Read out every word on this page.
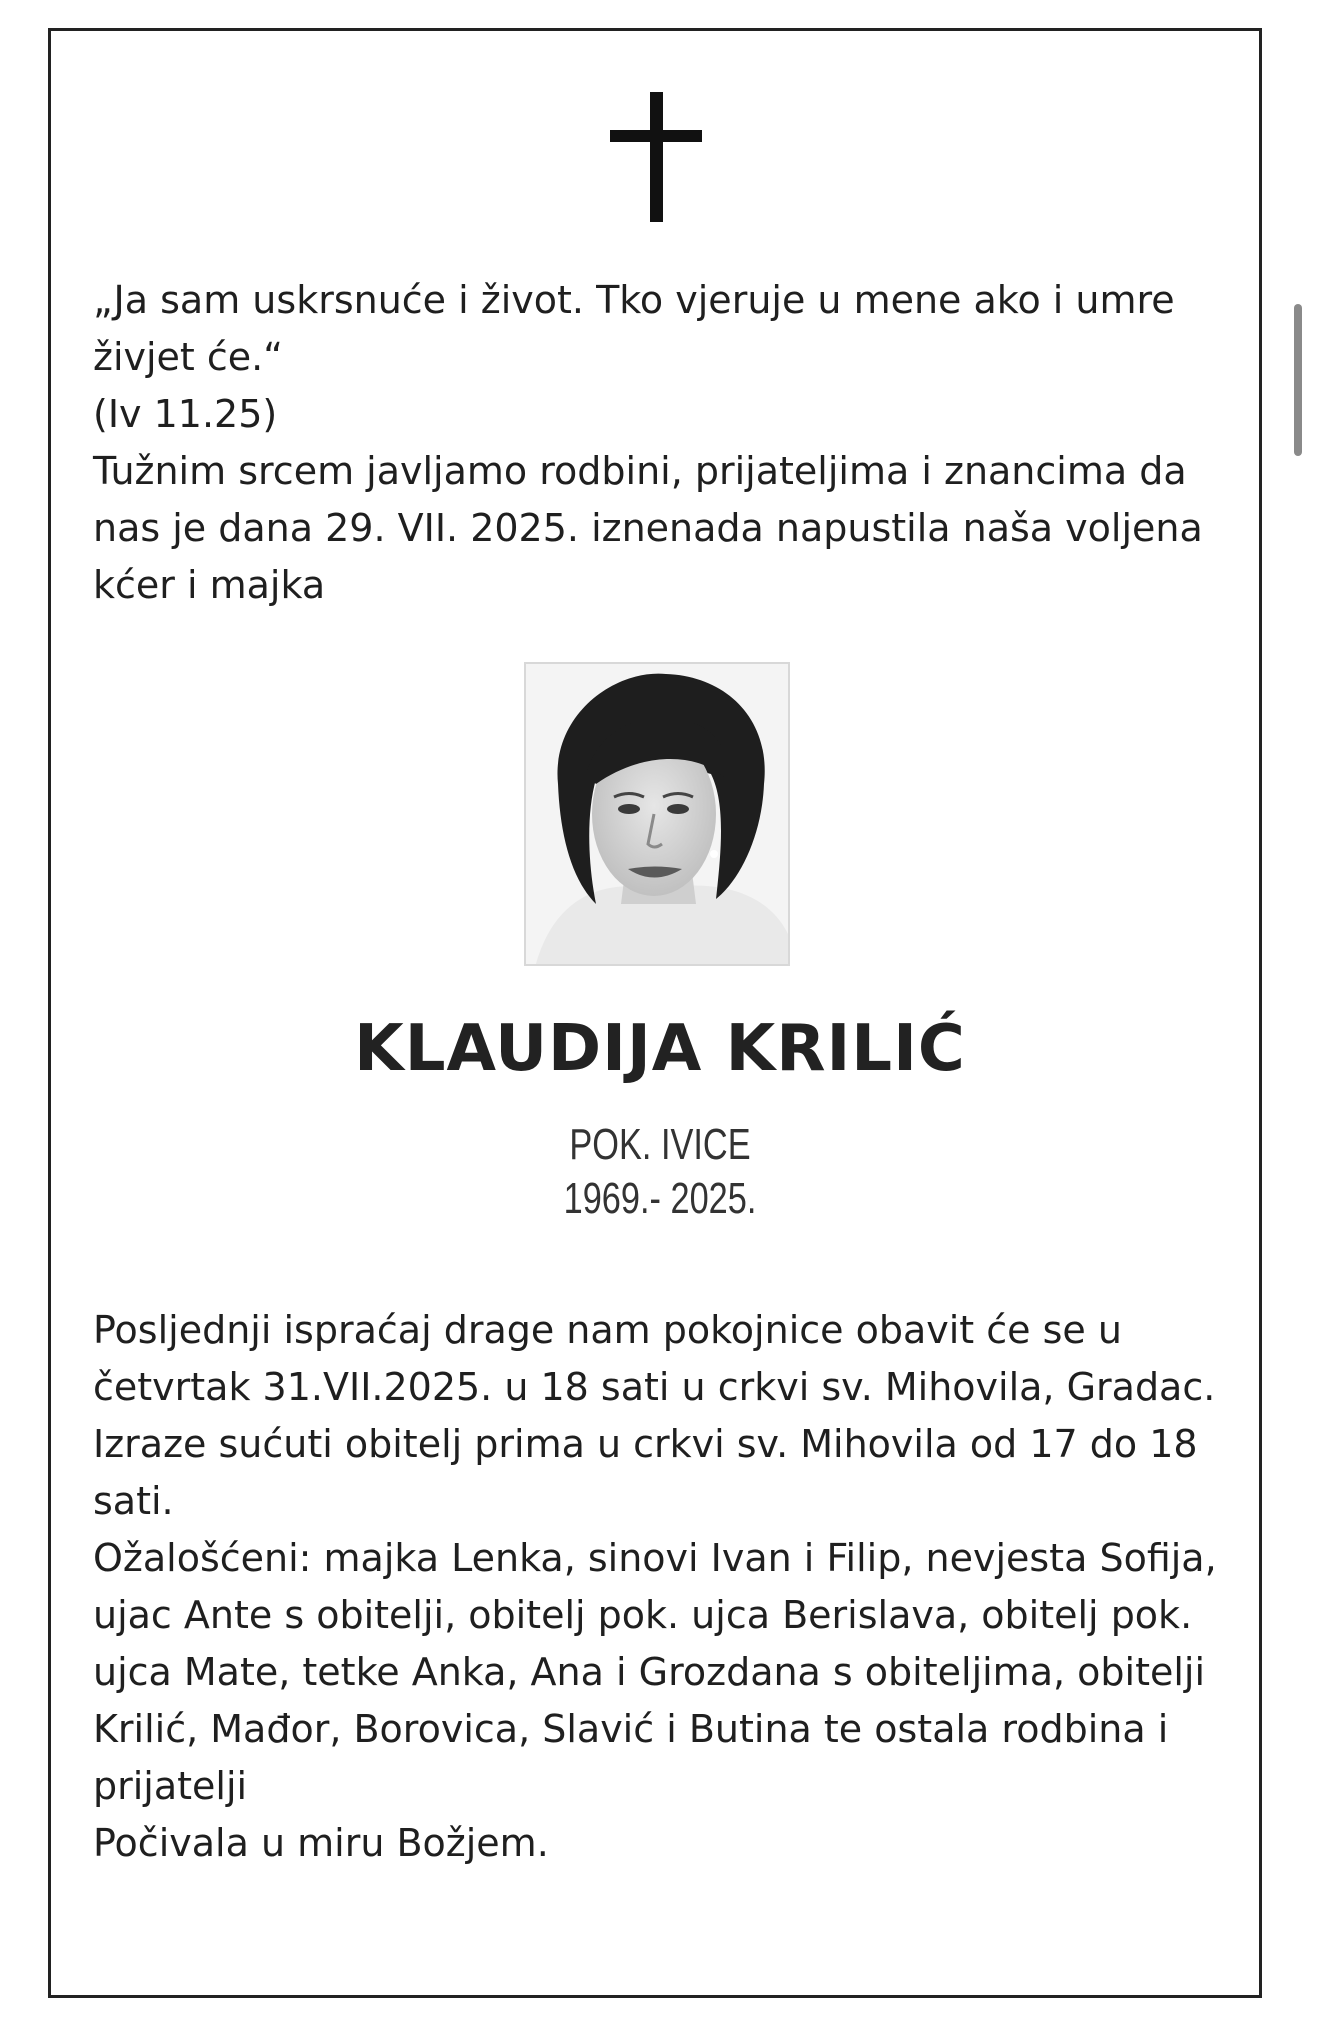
„Ja sam uskrsnuće i život. Tko vjeruje u mene ako i umre

živjet će.“

(Iv 11.25)

Tužnim srcem javljamo rodbini, prijateljima i znancima da

nas je dana 29. VII. 2025. iznenada napustila naša voljena

kćer i majka

KLAUDIJA KRILIĆ
POK. IVICE
1969.- 2025.

Posljednji ispraćaj drage nam pokojnice obavit će se u

četvrtak 31.VII.2025. u 18 sati u crkvi sv. Mihovila, Gradac.

Izraze sućuti obitelj prima u crkvi sv. Mihovila od 17 do 18

sati.

Ožalošćeni: majka Lenka, sinovi Ivan i Filip, nevjesta Sofija,

ujac Ante s obitelji, obitelj pok. ujca Berislava, obitelj pok.

ujca Mate, tetke Anka, Ana i Grozdana s obiteljima, obitelji

Krilić, Mađor, Borovica, Slavić i Butina te ostala rodbina i

prijatelji

Počivala u miru Božjem.
